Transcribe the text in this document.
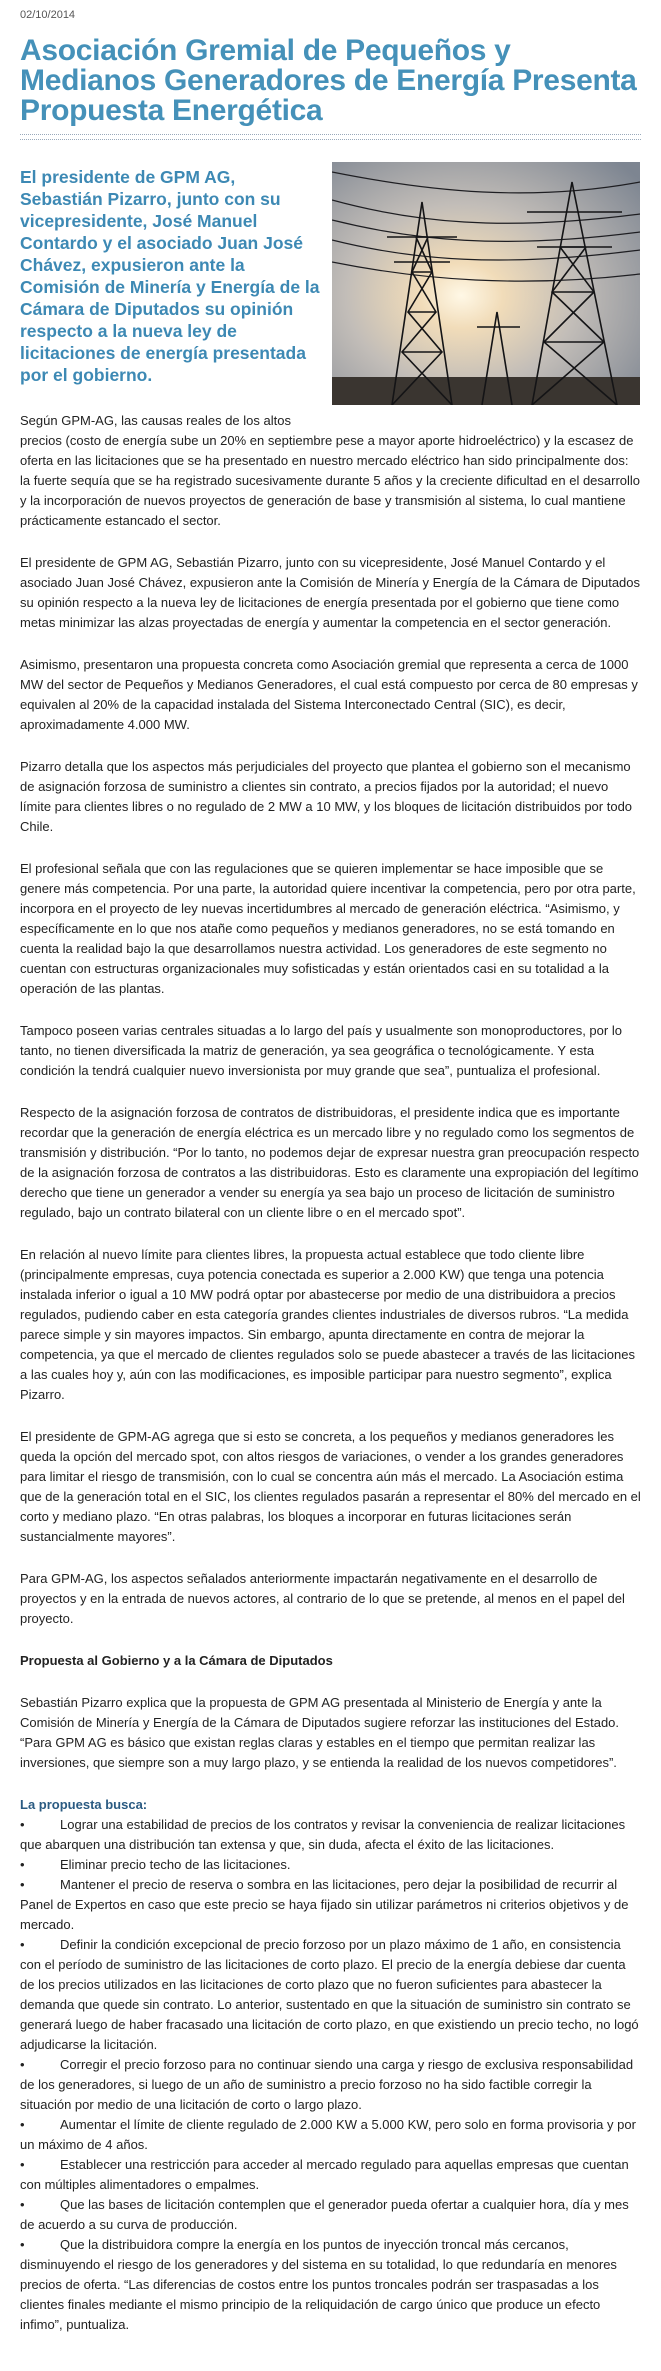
02/10/2014
Asociación Gremial de Pequeños y Medianos Generadores de Energía Presenta Propuesta Energética
El presidente de GPM AG, Sebastián Pizarro, junto con su vicepresidente, José Manuel Contardo y el asociado Juan José Chávez, expusieron ante la Comisión de Minería y Energía de la Cámara de Diputados su opinión respecto a la nueva ley de licitaciones de energía presentada por el gobierno.

Según GPM-AG, las causas reales de los altos
precios (costo de energía sube un 20% en septiembre pese a mayor aporte hidroeléctrico) y la escasez de oferta en las licitaciones que se ha presentado en nuestro mercado eléctrico han sido principalmente dos: la fuerte sequía que se ha registrado sucesivamente durante 5 años y la creciente dificultad en el desarrollo y la incorporación de nuevos proyectos de generación de base y transmisión al sistema, lo cual mantiene prácticamente estancado el sector.

El presidente de GPM AG, Sebastián Pizarro, junto con su vicepresidente, José Manuel Contardo y el asociado Juan José Chávez, expusieron ante la Comisión de Minería y Energía de la Cámara de Diputados su opinión respecto a la nueva ley de licitaciones de energía presentada por el gobierno que tiene como metas minimizar las alzas proyectadas de energía y aumentar la competencia en el sector generación.

Asimismo, presentaron una propuesta concreta como Asociación gremial que representa a cerca de 1000 MW del sector de Pequeños y Medianos Generadores, el cual está compuesto por cerca de 80 empresas y equivalen al 20% de la capacidad instalada del Sistema Interconectado Central (SIC), es decir, aproximadamente 4.000 MW.

Pizarro detalla que los aspectos más perjudiciales del proyecto que plantea el gobierno son el mecanismo de asignación forzosa de suministro a clientes sin contrato, a precios fijados por la autoridad; el nuevo límite para clientes libres o no regulado de 2 MW a 10 MW, y los bloques de licitación distribuidos por todo Chile.

El profesional señala que con las regulaciones que se quieren implementar se hace imposible que se genere más competencia. Por una parte, la autoridad quiere incentivar la competencia, pero por otra parte, incorpora en el proyecto de ley nuevas incertidumbres al mercado de generación eléctrica. “Asimismo, y específicamente en lo que nos atañe como pequeños y medianos generadores, no se está tomando en cuenta la realidad bajo la que desarrollamos nuestra actividad. Los generadores de este segmento no cuentan con estructuras organizacionales muy sofisticadas y están orientados casi en su totalidad a la operación de las plantas.

Tampoco poseen varias centrales situadas a lo largo del país y usualmente son monoproductores, por lo tanto, no tienen diversificada la matriz de generación, ya sea geográfica o tecnológicamente. Y esta condición la tendrá cualquier nuevo inversionista por muy grande que sea”, puntualiza el profesional.

Respecto de la asignación forzosa de contratos de distribuidoras, el presidente indica que es importante recordar que la generación de energía eléctrica es un mercado libre y no regulado como los segmentos de transmisión y distribución. “Por lo tanto, no podemos dejar de expresar nuestra gran preocupación respecto de la asignación forzosa de contratos a las distribuidoras. Esto es claramente una expropiación del legítimo derecho que tiene un generador a vender su energía ya sea bajo un proceso de licitación de suministro regulado, bajo un contrato bilateral con un cliente libre o en el mercado spot”.

En relación al nuevo límite para clientes libres, la propuesta actual establece que todo cliente libre (principalmente empresas, cuya potencia conectada es superior a 2.000 KW) que tenga una potencia instalada inferior o igual a 10 MW podrá optar por abastecerse por medio de una distribuidora a precios regulados, pudiendo caber en esta categoría grandes clientes industriales de diversos rubros. “La medida parece simple y sin mayores impactos. Sin embargo, apunta directamente en contra de mejorar la competencia, ya que el mercado de clientes regulados solo se puede abastecer a través de las licitaciones a las cuales hoy y, aún con las modificaciones, es imposible participar para nuestro segmento”, explica Pizarro.

El presidente de GPM-AG agrega que si esto se concreta, a los pequeños y medianos generadores les queda la opción del mercado spot, con altos riesgos de variaciones, o vender a los grandes generadores para limitar el riesgo de transmisión, con lo cual se concentra aún más el mercado. La Asociación estima que de la generación total en el SIC, los clientes regulados pasarán a representar el 80% del mercado en el corto y mediano plazo. “En otras palabras, los bloques a incorporar en futuras licitaciones serán sustancialmente mayores”.

Para GPM-AG, los aspectos señalados anteriormente impactarán negativamente en el desarrollo de proyectos y en la entrada de nuevos actores, al contrario de lo que se pretende, al menos en el papel del proyecto.

Propuesta al Gobierno y a la Cámara de Diputados

Sebastián Pizarro explica que la propuesta de GPM AG presentada al Ministerio de Energía y ante la Comisión de Minería y Energía de la Cámara de Diputados sugiere reforzar las instituciones del Estado. “Para GPM AG es básico que existan reglas claras y estables en el tiempo que permitan realizar las inversiones, que siempre son a muy largo plazo, y se entienda la realidad de los nuevos competidores”.

La propuesta busca:
•	Lograr una estabilidad de precios de los contratos y revisar la conveniencia de realizar licitaciones que abarquen una distribución tan extensa y que, sin duda, afecta el éxito de las licitaciones.
•	Eliminar precio techo de las licitaciones.
•	Mantener el precio de reserva o sombra en las licitaciones, pero dejar la posibilidad de recurrir al Panel de Expertos en caso que este precio se haya fijado sin utilizar parámetros ni criterios objetivos y de mercado.
•	Definir la condición excepcional de precio forzoso por un plazo máximo de 1 año, en consistencia con el período de suministro de las licitaciones de corto plazo. El precio de la energía debiese dar cuenta de los precios utilizados en las licitaciones de corto plazo que no fueron suficientes para abastecer la demanda que quede sin contrato. Lo anterior, sustentado en que la situación de suministro sin contrato se generará luego de haber fracasado una licitación de corto plazo, en que existiendo un precio techo, no logó adjudicarse la licitación.
•	Corregir el precio forzoso para no continuar siendo una carga y riesgo de exclusiva responsabilidad de los generadores, si luego de un año de suministro a precio forzoso no ha sido factible corregir la situación por medio de una licitación de corto o largo plazo.
•	Aumentar el límite de cliente regulado de 2.000 KW a 5.000 KW, pero solo en forma provisoria y por un máximo de 4 años.
•	Establecer una restricción para acceder al mercado regulado para aquellas empresas que cuentan con múltiples alimentadores o empalmes.
•	Que las bases de licitación contemplen que el generador pueda ofertar a cualquier hora, día y mes de acuerdo a su curva de producción.
•	Que la distribuidora compre la energía en los puntos de inyección troncal más cercanos, disminuyendo el riesgo de los generadores y del sistema en su totalidad, lo que redundaría en menores precios de oferta. “Las diferencias de costos entre los puntos troncales podrán ser traspasadas a los clientes finales mediante el mismo principio de la reliquidación de cargo único que produce un efecto infimo”, puntualiza.
